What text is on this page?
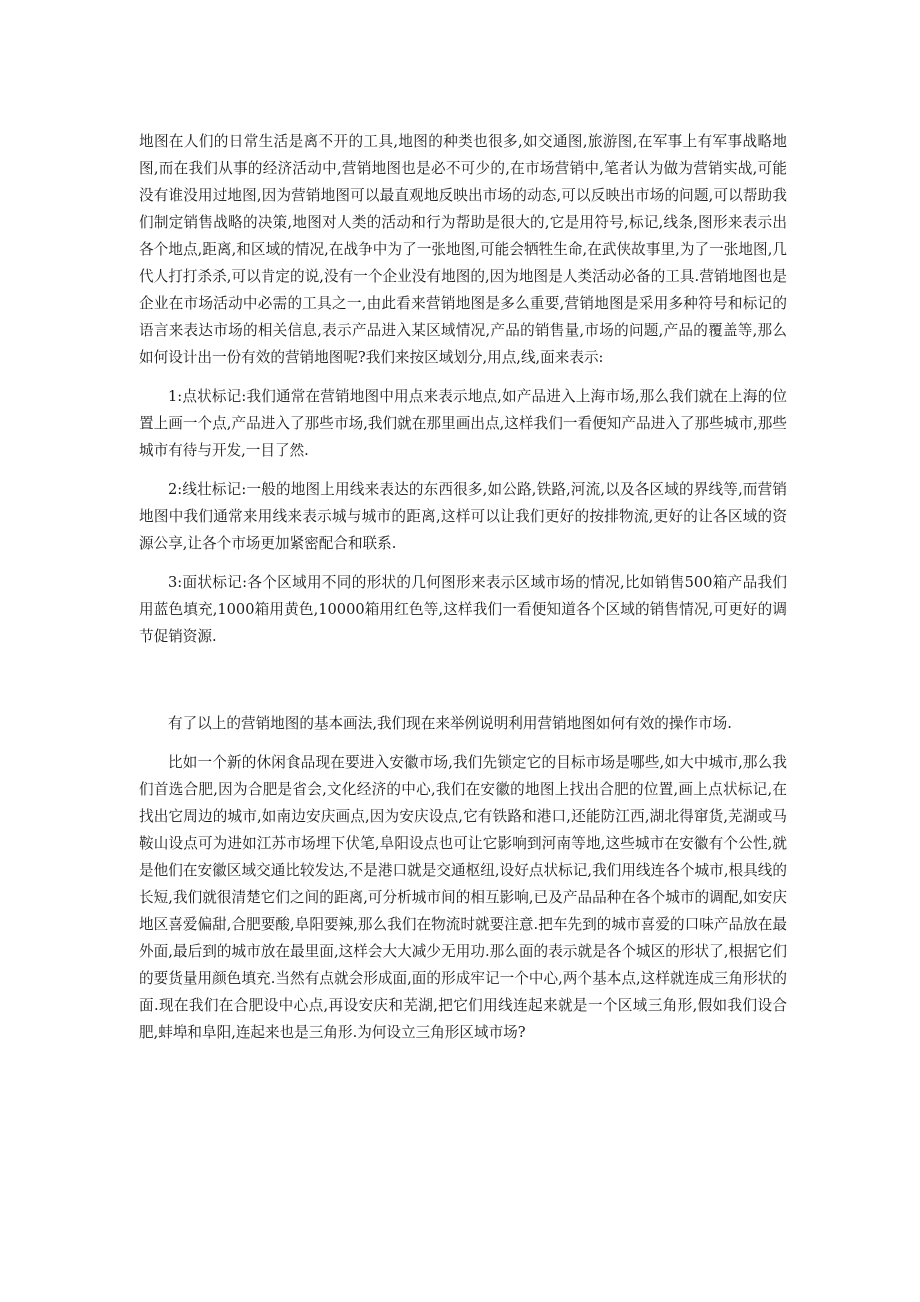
地图在人们的日常生活是离不开的工具,地图的种类也很多,如交通图,旅游图,在军事上有军事战略地图,而在我们从事的经济活动中,营销地图也是必不可少的,在市场营销中,笔者认为做为营销实战,可能没有谁没用过地图,因为营销地图可以最直观地反映出市场的动态,可以反映出市场的问题,可以帮助我们制定销售战略的决策,地图对人类的活动和行为帮助是很大的,它是用符号,标记,线条,图形来表示出各个地点,距离,和区域的情况,在战争中为了一张地图,可能会牺牲生命,在武侠故事里,为了一张地图,几代人打打杀杀,可以肯定的说,没有一个企业没有地图的,因为地图是人类活动必备的工具.营销地图也是企业在市场活动中必需的工具之一,由此看来营销地图是多么重要,营销地图是采用多种符号和标记的语言来表达市场的相关信息,表示产品进入某区域情况,产品的销售量,市场的问题,产品的覆盖等,那么如何设计出一份有效的营销地图呢?我们来按区域划分,用点,线,面来表示:

1:点状标记:我们通常在营销地图中用点来表示地点,如产品进入上海市场,那么我们就在上海的位置上画一个点,产品进入了那些市场,我们就在那里画出点,这样我们一看便知产品进入了那些城市,那些城市有待与开发,一目了然.

2:线壮标记:一般的地图上用线来表达的东西很多,如公路,铁路,河流,以及各区域的界线等,而营销地图中我们通常来用线来表示城与城市的距离,这样可以让我们更好的按排物流,更好的让各区域的资源公享,让各个市场更加紧密配合和联系.

3:面状标记:各个区域用不同的形状的几何图形来表示区域市场的情况,比如销售500箱产品我们用蓝色填充,1000箱用黄色,10000箱用红色等,这样我们一看便知道各个区域的销售情况,可更好的调节促销资源.

有了以上的营销地图的基本画法,我们现在来举例说明利用营销地图如何有效的操作市场.

比如一个新的休闲食品现在要进入安徽市场,我们先锁定它的目标市场是哪些,如大中城市,那么我们首选合肥,因为合肥是省会,文化经济的中心,我们在安徽的地图上找出合肥的位置,画上点状标记,在找出它周边的城市,如南边安庆画点,因为安庆设点,它有铁路和港口,还能防江西,湖北得窜货,芜湖或马鞍山设点可为进如江苏市场埋下伏笔,阜阳设点也可让它影响到河南等地,这些城市在安徽有个公性,就是他们在安徽区域交通比较发达,不是港口就是交通枢纽,设好点状标记,我们用线连各个城市,根具线的长短,我们就很清楚它们之间的距离,可分析城市间的相互影响,已及产品品种在各个城市的调配,如安庆地区喜爱偏甜,合肥要酸,阜阳要辣,那么我们在物流时就要注意.把车先到的城市喜爱的口味产品放在最外面,最后到的城市放在最里面,这样会大大减少无用功.那么面的表示就是各个城区的形状了,根据它们的要货量用颜色填充.当然有点就会形成面,面的形成牢记一个中心,两个基本点,这样就连成三角形状的面.现在我们在合肥设中心点,再设安庆和芜湖,把它们用线连起来就是一个区域三角形,假如我们设合肥,蚌埠和阜阳,连起来也是三角形.为何设立三角形区域市场?
